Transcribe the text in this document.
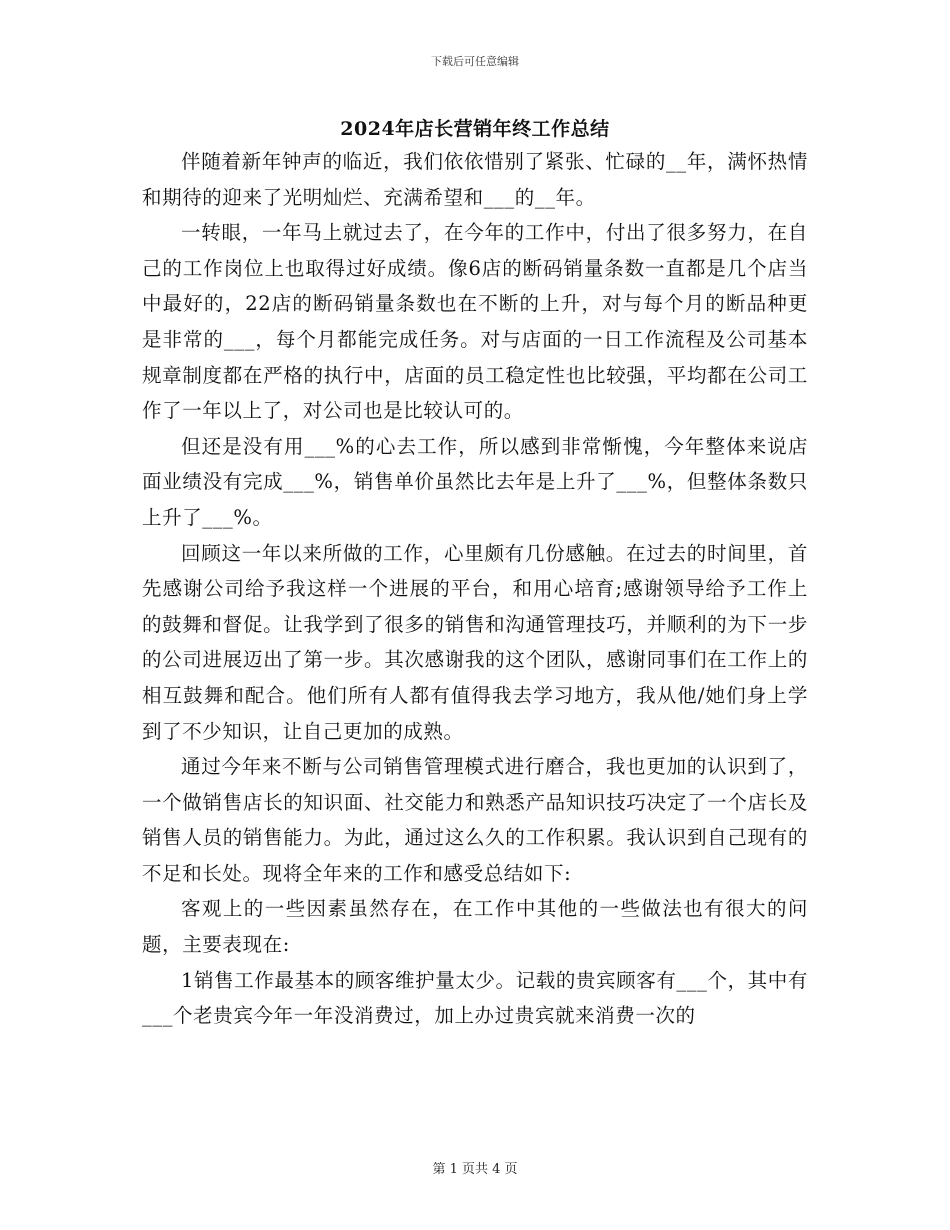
下载后可任意编辑
2024年店长营销年终工作总结

伴随着新年钟声的临近，我们依依惜别了紧张、忙碌的__年，满怀热情和期待的迎来了光明灿烂、充满希望和___的__年。

一转眼，一年马上就过去了，在今年的工作中，付出了很多努力，在自己的工作岗位上也取得过好成绩。像6店的断码销量条数一直都是几个店当中最好的，22店的断码销量条数也在不断的上升，对与每个月的断品种更是非常的___，每个月都能完成任务。对与店面的一日工作流程及公司基本规章制度都在严格的执行中，店面的员工稳定性也比较强，平均都在公司工作了一年以上了，对公司也是比较认可的。

但还是没有用___%的心去工作，所以感到非常惭愧，今年整体来说店面业绩没有完成___%，销售单价虽然比去年是上升了___%，但整体条数只上升了___%。

回顾这一年以来所做的工作，心里颇有几份感触。在过去的时间里，首先感谢公司给予我这样一个进展的平台，和用心培育;感谢领导给予工作上的鼓舞和督促。让我学到了很多的销售和沟通管理技巧，并顺利的为下一步的公司进展迈出了第一步。其次感谢我的这个团队，感谢同事们在工作上的相互鼓舞和配合。他们所有人都有值得我去学习地方，我从他/她们身上学到了不少知识，让自己更加的成熟。

通过今年来不断与公司销售管理模式进行磨合，我也更加的认识到了，一个做销售店长的知识面、社交能力和熟悉产品知识技巧决定了一个店长及销售人员的销售能力。为此，通过这么久的工作积累。我认识到自己现有的不足和长处。现将全年来的工作和感受总结如下:

客观上的一些因素虽然存在，在工作中其他的一些做法也有很大的问题，主要表现在:

1销售工作最基本的顾客维护量太少。记载的贵宾顾客有___个，其中有___个老贵宾今年一年没消费过，加上办过贵宾就来消费一次的

第 1 页共 4 页
